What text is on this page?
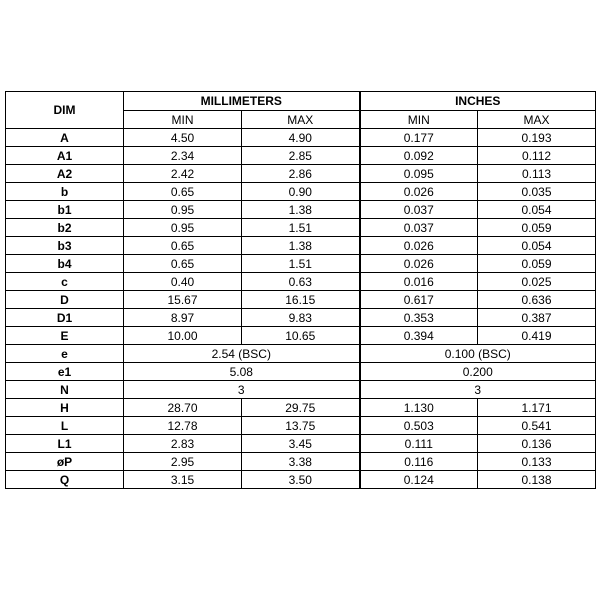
DIM	MILLIMETERS		INCHES	
	MIN	MAX	MIN	MAX
A	4.50	4.90	0.177	0.193
A1	2.34	2.85	0.092	0.112
A2	2.42	2.86	0.095	0.113
b	0.65	0.90	0.026	0.035
b1	0.95	1.38	0.037	0.054
b2	0.95	1.51	0.037	0.059
b3	0.65	1.38	0.026	0.054
b4	0.65	1.51	0.026	0.059
c	0.40	0.63	0.016	0.025
D	15.67	16.15	0.617	0.636
D1	8.97	9.83	0.353	0.387
E	10.00	10.65	0.394	0.419
e	2.54 (BSC)		0.100 (BSC)	
e1	5.08		0.200	
N	3		3	
H	28.70	29.75	1.130	1.171
L	12.78	13.75	0.503	0.541
L1	2.83	3.45	0.111	0.136
øP	2.95	3.38	0.116	0.133
Q	3.15	3.50	0.124	0.138
